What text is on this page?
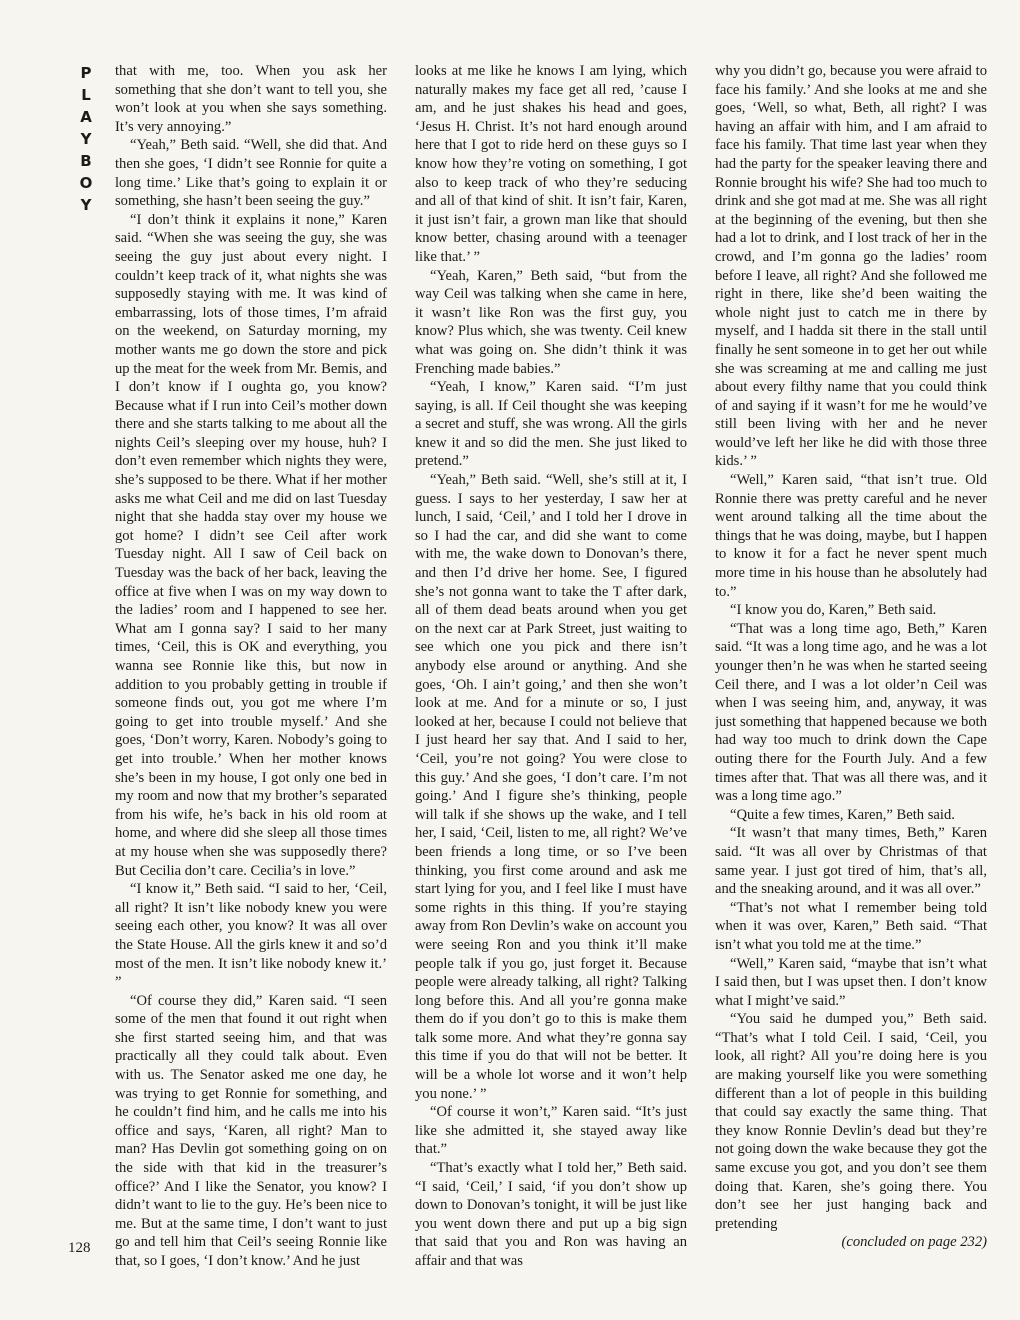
P
L
A
Y
B
O
Y

that with me, too. When you ask her something that she don’t want to tell you, she won’t look at you when she says something. It’s very annoying.”

“Yeah,” Beth said. “Well, she did that. And then she goes, ‘I didn’t see Ronnie for quite a long time.’ Like that’s going to explain it or something, she hasn’t been seeing the guy.”

“I don’t think it explains it none,” Karen said. “When she was seeing the guy, she was seeing the guy just about every night. I couldn’t keep track of it, what nights she was supposedly staying with me. It was kind of embarrassing, lots of those times, I’m afraid on the weekend, on Saturday morning, my mother wants me go down the store and pick up the meat for the week from Mr. Bemis, and I don’t know if I oughta go, you know? Because what if I run into Ceil’s mother down there and she starts talking to me about all the nights Ceil’s sleeping over my house, huh? I don’t even remember which nights they were, she’s supposed to be there. What if her mother asks me what Ceil and me did on last Tuesday night that she hadda stay over my house we got home? I didn’t see Ceil after work Tuesday night. All I saw of Ceil back on Tuesday was the back of her back, leaving the office at five when I was on my way down to the ladies’ room and I happened to see her. What am I gonna say? I said to her many times, ‘Ceil, this is OK and everything, you wanna see Ronnie like this, but now in addition to you probably getting in trouble if someone finds out, you got me where I’m going to get into trouble myself.’ And she goes, ‘Don’t worry, Karen. Nobody’s going to get into trouble.’ When her mother knows she’s been in my house, I got only one bed in my room and now that my brother’s separated from his wife, he’s back in his old room at home, and where did she sleep all those times at my house when she was supposedly there? But Cecilia don’t care. Cecilia’s in love.”

“I know it,” Beth said. “I said to her, ‘Ceil, all right? It isn’t like nobody knew you were seeing each other, you know? It was all over the State House. All the girls knew it and so’d most of the men. It isn’t like nobody knew it.’ ”

“Of course they did,” Karen said. “I seen some of the men that found it out right when she first started seeing him, and that was practically all they could talk about. Even with us. The Senator asked me one day, he was trying to get Ronnie for something, and he couldn’t find him, and he calls me into his office and says, ‘Karen, all right? Man to man? Has Devlin got something going on on the side with that kid in the treasurer’s office?’ And I like the Senator, you know? I didn’t want to lie to the guy. He’s been nice to me. But at the same time, I don’t want to just go and tell him that Ceil’s seeing Ronnie like that, so I goes, ‘I don’t know.’ And he just

looks at me like he knows I am lying, which naturally makes my face get all red, ’cause I am, and he just shakes his head and goes, ‘Jesus H. Christ. It’s not hard enough around here that I got to ride herd on these guys so I know how they’re voting on something, I got also to keep track of who they’re seducing and all of that kind of shit. It isn’t fair, Karen, it just isn’t fair, a grown man like that should know better, chasing around with a teenager like that.’ ”

“Yeah, Karen,” Beth said, “but from the way Ceil was talking when she came in here, it wasn’t like Ron was the first guy, you know? Plus which, she was twenty. Ceil knew what was going on. She didn’t think it was Frenching made babies.”

“Yeah, I know,” Karen said. “I’m just saying, is all. If Ceil thought she was keeping a secret and stuff, she was wrong. All the girls knew it and so did the men. She just liked to pretend.”

“Yeah,” Beth said. “Well, she’s still at it, I guess. I says to her yesterday, I saw her at lunch, I said, ‘Ceil,’ and I told her I drove in so I had the car, and did she want to come with me, the wake down to Donovan’s there, and then I’d drive her home. See, I figured she’s not gonna want to take the T after dark, all of them dead beats around when you get on the next car at Park Street, just waiting to see which one you pick and there isn’t anybody else around or anything. And she goes, ‘Oh. I ain’t going,’ and then she won’t look at me. And for a minute or so, I just looked at her, because I could not believe that I just heard her say that. And I said to her, ‘Ceil, you’re not going? You were close to this guy.’ And she goes, ‘I don’t care. I’m not going.’ And I figure she’s thinking, people will talk if she shows up the wake, and I tell her, I said, ‘Ceil, listen to me, all right? We’ve been friends a long time, or so I’ve been thinking, you first come around and ask me start lying for you, and I feel like I must have some rights in this thing. If you’re staying away from Ron Devlin’s wake on account you were seeing Ron and you think it’ll make people talk if you go, just forget it. Because people were already talking, all right? Talking long before this. And all you’re gonna make them do if you don’t go to this is make them talk some more. And what they’re gonna say this time if you do that will not be better. It will be a whole lot worse and it won’t help you none.’ ”

“Of course it won’t,” Karen said. “It’s just like she admitted it, she stayed away like that.”

“That’s exactly what I told her,” Beth said. “I said, ‘Ceil,’ I said, ‘if you don’t show up down to Donovan’s tonight, it will be just like you went down there and put up a big sign that said that you and Ron was having an affair and that was

why you didn’t go, because you were afraid to face his family.’ And she looks at me and she goes, ‘Well, so what, Beth, all right? I was having an affair with him, and I am afraid to face his family. That time last year when they had the party for the speaker leaving there and Ronnie brought his wife? She had too much to drink and she got mad at me. She was all right at the beginning of the evening, but then she had a lot to drink, and I lost track of her in the crowd, and I’m gonna go the ladies’ room before I leave, all right? And she followed me right in there, like she’d been waiting the whole night just to catch me in there by myself, and I hadda sit there in the stall until finally he sent someone in to get her out while she was screaming at me and calling me just about every filthy name that you could think of and saying if it wasn’t for me he would’ve still been living with her and he never would’ve left her like he did with those three kids.’ ”

“Well,” Karen said, “that isn’t true. Old Ronnie there was pretty careful and he never went around talking all the time about the things that he was doing, maybe, but I happen to know it for a fact he never spent much more time in his house than he absolutely had to.”

“I know you do, Karen,” Beth said.

“That was a long time ago, Beth,” Karen said. “It was a long time ago, and he was a lot younger then’n he was when he started seeing Ceil there, and I was a lot older’n Ceil was when I was seeing him, and, anyway, it was just something that happened because we both had way too much to drink down the Cape outing there for the Fourth July. And a few times after that. That was all there was, and it was a long time ago.”

“Quite a few times, Karen,” Beth said.

“It wasn’t that many times, Beth,” Karen said. “It was all over by Christmas of that same year. I just got tired of him, that’s all, and the sneaking around, and it was all over.”

“That’s not what I remember being told when it was over, Karen,” Beth said. “That isn’t what you told me at the time.”

“Well,” Karen said, “maybe that isn’t what I said then, but I was upset then. I don’t know what I might’ve said.”

“You said he dumped you,” Beth said. “That’s what I told Ceil. I said, ‘Ceil, you look, all right? All you’re doing here is you are making yourself like you were something different than a lot of people in this building that could say exactly the same thing. That they know Ronnie Devlin’s dead but they’re not going down the wake because they got the same excuse you got, and you don’t see them doing that. Karen, she’s going there. You don’t see her just hanging back and pretending

(concluded on page 232)
128
